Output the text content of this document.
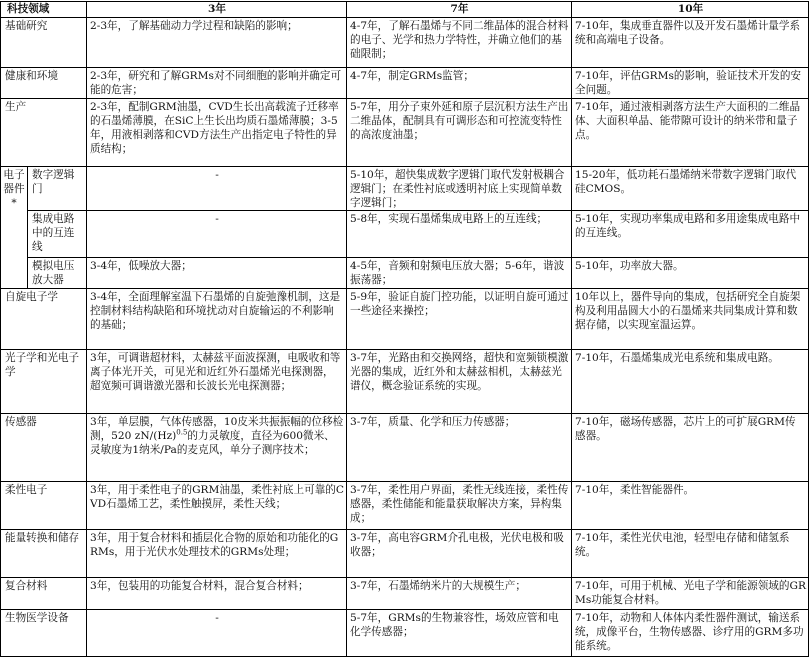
科技领域		3年	7年	10年
基础研究		2-3年，了解基础动力学过程和缺陷的影响；	4-7年，了解石墨烯与不同二维晶体的混合材料的电子、光学和热力学特性，并确立他们的基础限制；	7-10年，集成垂直器件以及开发石墨烯计量学系统和高端电子设备。
健康和环境		2-3年，研究和了解GRMs对不同细胞的影响并确定可能的危害；	4-7年，制定GRMs监管；	7-10年，评估GRMs的影响，验证技术开发的安全问题。
生产		2-3年，配制GRM油墨，CVD生长出高载流子迁移率的石墨烯薄膜，在SiC上生长出均质石墨烯薄膜；3-5年，用液相剥落和CVD方法生产出指定电子特性的异质结构；	5-7年，用分子束外延和原子层沉积方法生产出二维晶体，配制具有可调形态和可控流变特性的高浓度油墨；	7-10年，通过液相剥落方法生产大面积的二维晶体、大面积单晶、能带隙可设计的纳米带和量子点。
电子器件*	数字逻辑门	-	5-10年，超快集成数字逻辑门取代发射极耦合逻辑门；在柔性衬底或透明衬底上实现简单数字逻辑门；	15-20年，低功耗石墨烯纳米带数字逻辑门取代硅CMOS。
	集成电路中的互连线	-	5-8年，实现石墨烯集成电路上的互连线；	5-10年，实现功率集成电路和多用途集成电路中的互连线。
	模拟电压放大器	3-4年，低噪放大器；	4-5年，音频和射频电压放大器；5-6年，谐波振荡器；	5-10年，功率放大器。
自旋电子学		3-4年，全面理解室温下石墨烯的自旋弛豫机制，这是控制材料结构缺陷和环境扰动对自旋输运的不利影响的基础；	5-9年，验证自旋门控功能，以证明自旋可通过一些途径来操控；	10年以上，器件导向的集成，包括研究全自旋架构及利用晶圆大小的石墨烯来共同集成计算和数据存储，以实现室温运算。
光子学和光电子学		3年，可调谐超材料，太赫兹平面波探测，电吸收和等离子体光开关，可见光和近红外石墨烯光电探测器，超宽频可调谐激光器和长波长光电探测器；	3-7年，光路由和交换网络，超快和宽频锁模激光器的集成，近红外和太赫兹相机，太赫兹光谱仪，概念验证系统的实现。	7-10年，石墨烯集成光电系统和集成电路。
传感器		3年，单层膜，气体传感器，10皮米共振振幅的位移检测，520 $zN/(Hz)^{0.5}$的力灵敏度，直径为600微米、灵敏度为1纳米/Pa的麦克风，单分子测序技术；	3-7年，质量、化学和压力传感器；	7-10年，磁场传感器，芯片上的可扩展GRM传感器。
柔性电子		3年，用于柔性电子的GRM油墨，柔性衬底上可靠的CVD石墨烯工艺，柔性触摸屏，柔性天线；	3-7年，柔性用户界面，柔性无线连接，柔性传感器，柔性储能和能量获取解决方案，异构集成；	7-10年，柔性智能器件。
能量转换和储存		3年，用于复合材料和插层化合物的原始和功能化的GRMs，用于光伏水处理技术的GRMs处理；	3-7年，高电容GRM介孔电极，光伏电极和吸收器；	7-10年，柔性光伏电池，轻型电存储和储氢系统。
复合材料		3年，包装用的功能复合材料，混合复合材料；	3-7年，石墨烯纳米片的大规模生产；	7-10年，可用于机械、光电子学和能源领域的GRMs功能复合材料。
生物医学设备		-	5-7年，GRMs的生物兼容性，场效应管和电化学传感器；	7-10年，动物和人体体内柔性器件测试，输送系统，成像平台，生物传感器、诊疗用的GRM多功能系统。
